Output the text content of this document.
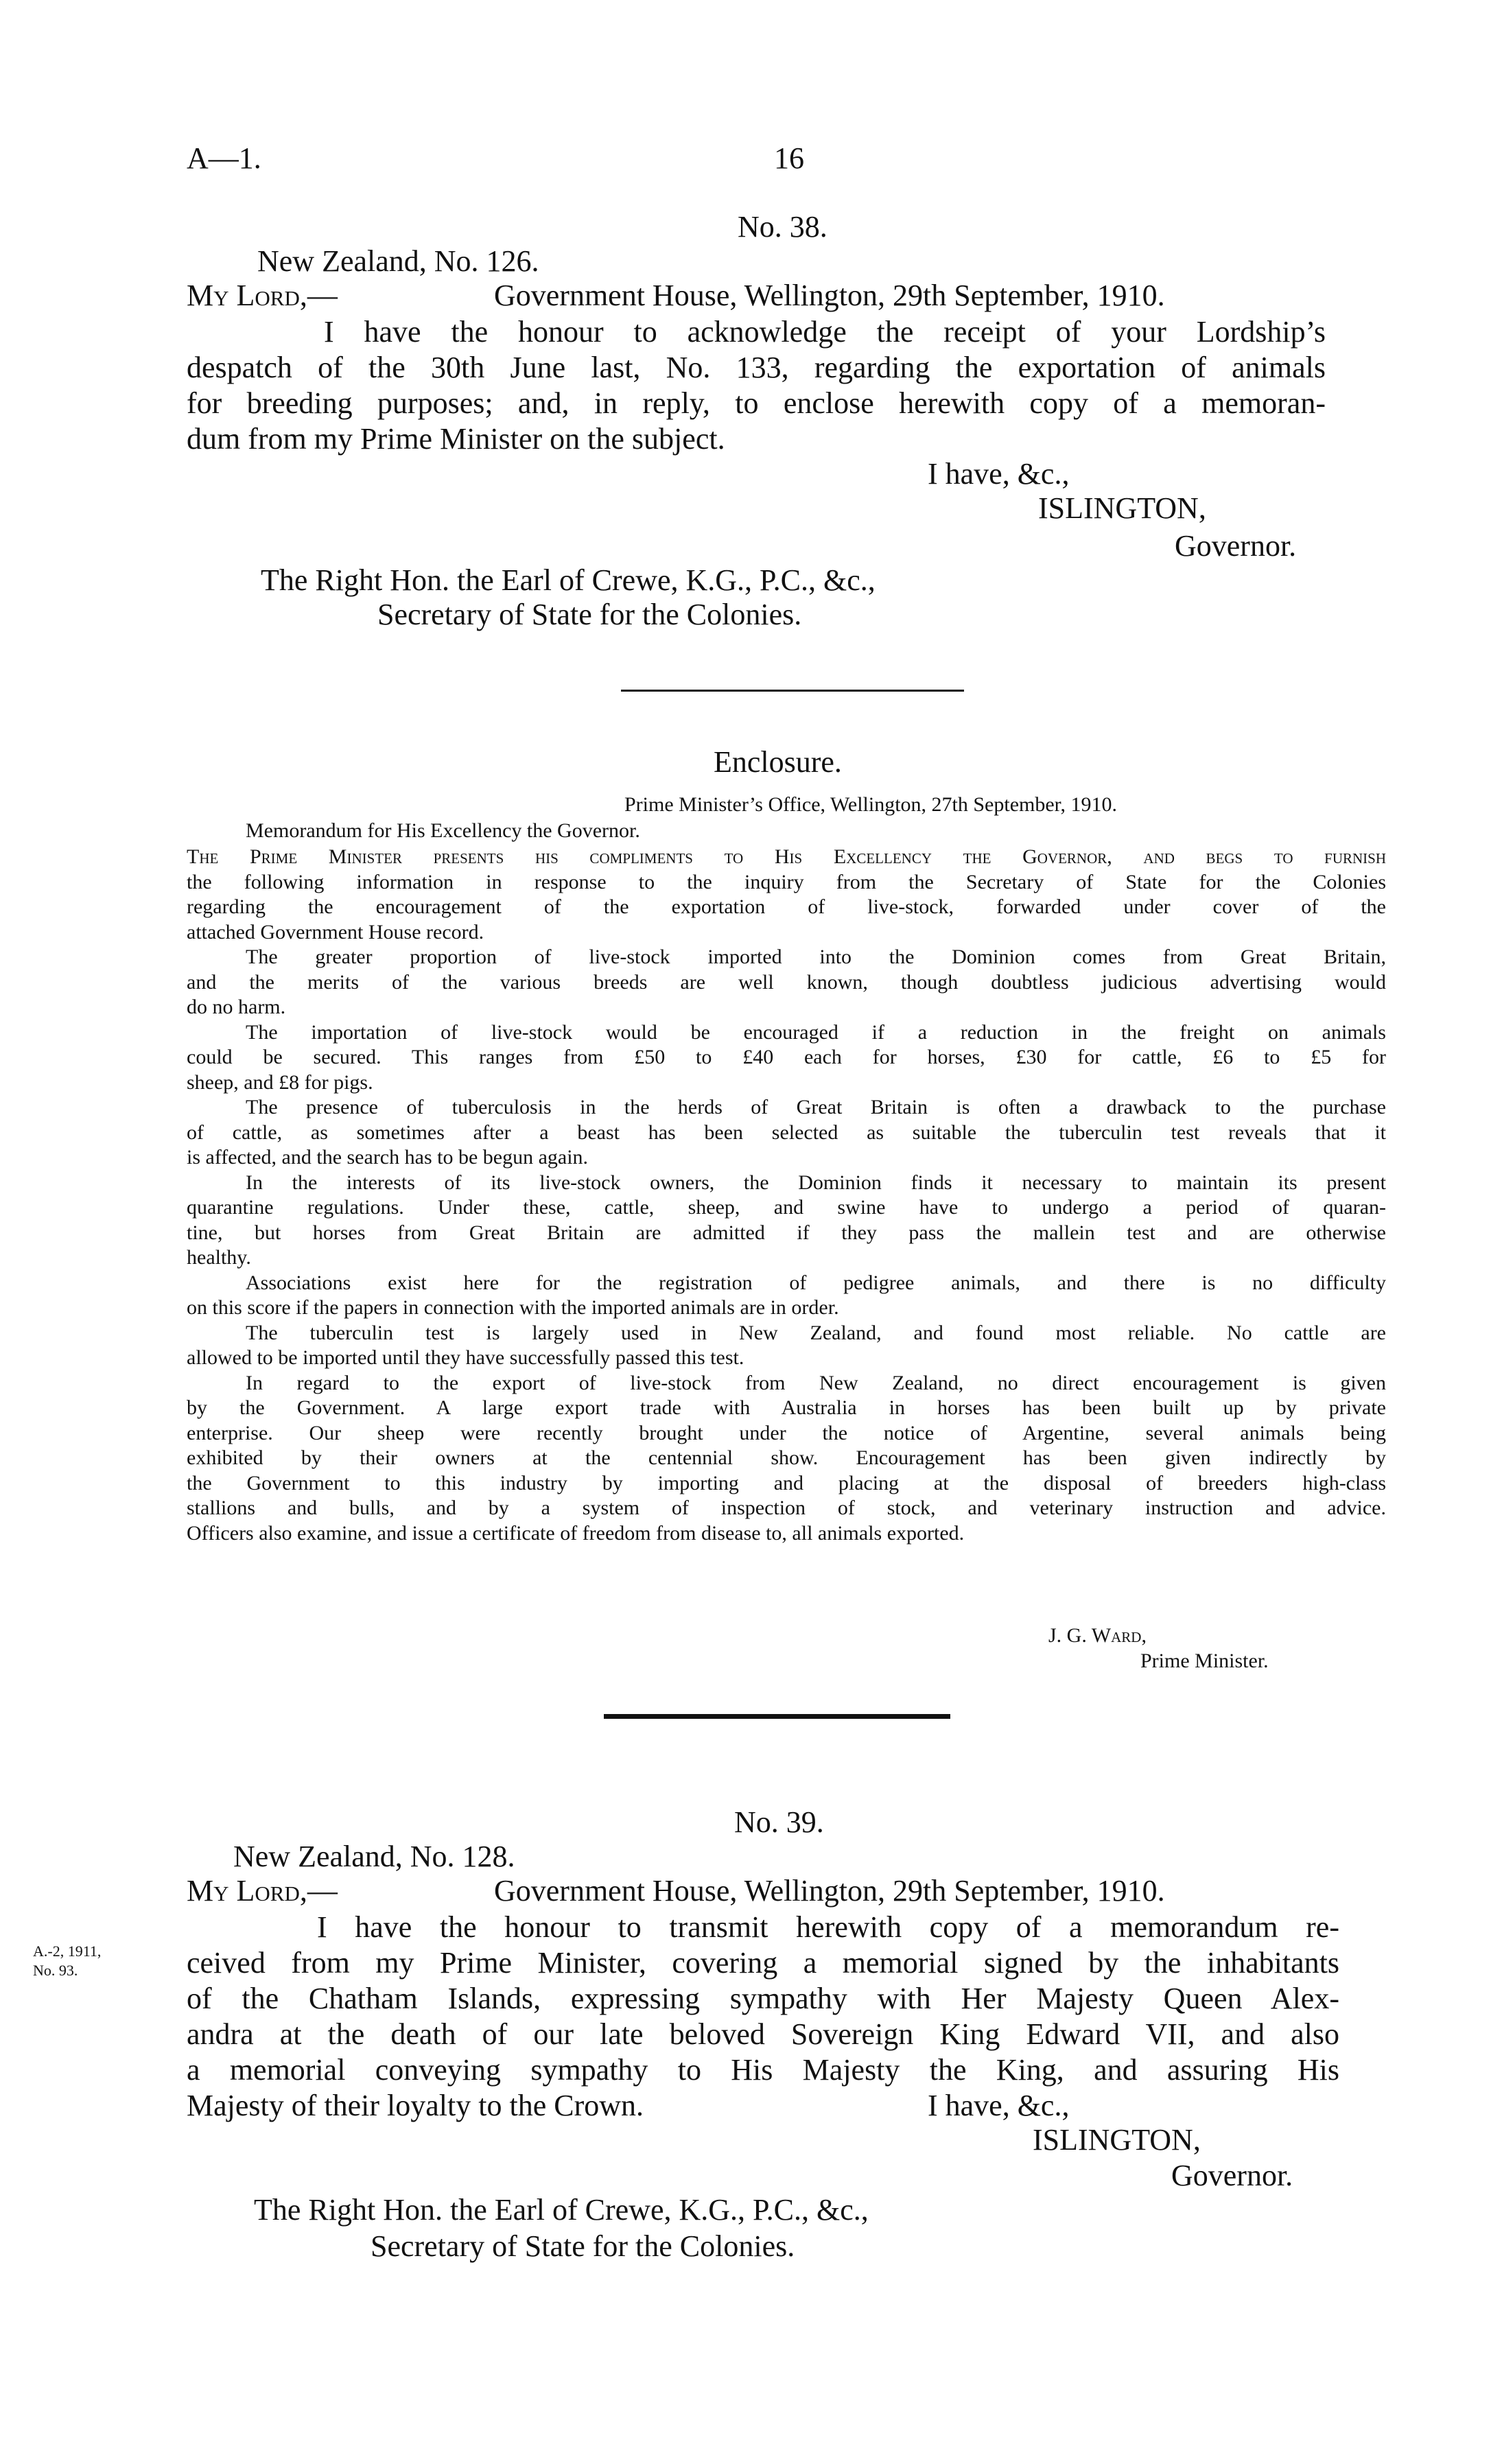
A—1.	16
No. 38.
New Zealand, No. 126.
My Lord,—	Government House, Wellington, 29th September, 1910.
I have the honour to acknowledge the receipt of your Lordship’s
despatch of the 30th June last, No. 133, regarding the exportation of animals
for breeding purposes; and, in reply, to enclose herewith copy of a memoran-
dum from my Prime Minister on the subject.
I have, &c.,
ISLINGTON,
Governor.
The Right Hon. the Earl of Crewe, K.G., P.C., &c.,
Secretary of State for the Colonies.
Enclosure.
Prime Minister’s Office, Wellington, 27th September, 1910.
Memorandum for His Excellency the Governor.
The Prime Minister presents his compliments to His Excellency the Governor, and begs to furnish
the following information in response to the inquiry from the Secretary of State for the Colonies
regarding the encouragement of the exportation of live-stock, forwarded under cover of the
attached Government House record.
The greater proportion of live-stock imported into the Dominion comes from Great Britain,
and the merits of the various breeds are well known, though doubtless judicious advertising would
do no harm.
The importation of live-stock would be encouraged if a reduction in the freight on animals
could be secured. This ranges from £50 to £40 each for horses, £30 for cattle, £6 to £5 for
sheep, and £8 for pigs.
The presence of tuberculosis in the herds of Great Britain is often a drawback to the purchase
of cattle, as sometimes after a beast has been selected as suitable the tuberculin test reveals that it
is affected, and the search has to be begun again.
In the interests of its live-stock owners, the Dominion finds it necessary to maintain its present
quarantine regulations. Under these, cattle, sheep, and swine have to undergo a period of quaran-
tine, but horses from Great Britain are admitted if they pass the mallein test and are otherwise
healthy.
Associations exist here for the registration of pedigree animals, and there is no difficulty
on this score if the papers in connection with the imported animals are in order.
The tuberculin test is largely used in New Zealand, and found most reliable. No cattle are
allowed to be imported until they have successfully passed this test.
In regard to the export of live-stock from New Zealand, no direct encouragement is given
by the Government. A large export trade with Australia in horses has been built up by private
enterprise. Our sheep were recently brought under the notice of Argentine, several animals being
exhibited by their owners at the centennial show. Encouragement has been given indirectly by
the Government to this industry by importing and placing at the disposal of breeders high-class
stallions and bulls, and by a system of inspection of stock, and veterinary instruction and advice.
Officers also examine, and issue a certificate of freedom from disease to, all animals exported.
J. G. Ward,
Prime Minister.
No. 39.
New Zealand, No. 128.
My Lord,—	Government House, Wellington, 29th September, 1910.
A.-2, 1911,
No. 93.
I have the honour to transmit herewith copy of a memorandum re-
ceived from my Prime Minister, covering a memorial signed by the inhabitants
of the Chatham Islands, expressing sympathy with Her Majesty Queen Alex-
andra at the death of our late beloved Sovereign King Edward VII, and also
a memorial conveying sympathy to His Majesty the King, and assuring His
Majesty of their loyalty to the Crown.	I have, &c.,
ISLINGTON,
Governor.
The Right Hon. the Earl of Crewe, K.G., P.C., &c.,
Secretary of State for the Colonies.
